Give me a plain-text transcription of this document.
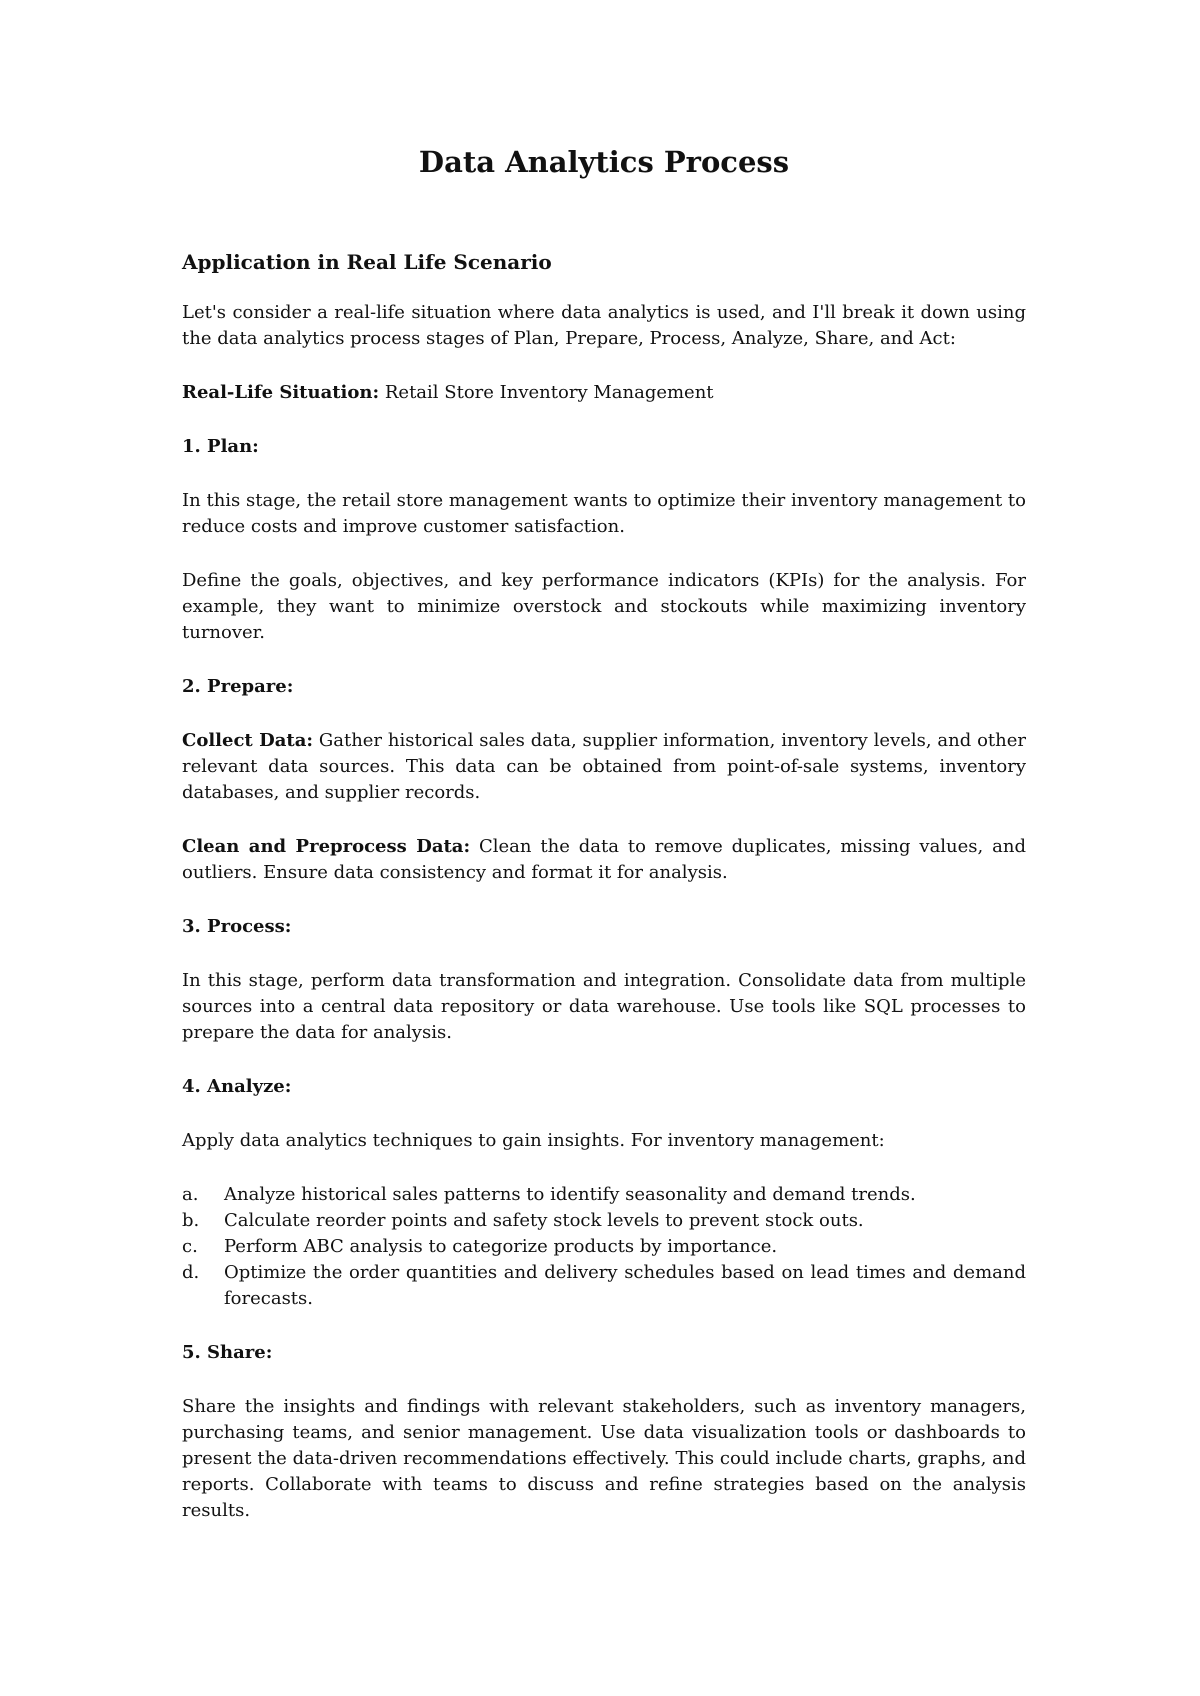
Data Analytics Process
Application in Real Life Scenario

Let's consider a real-life situation where data analytics is used, and I'll break it down using the data analytics process stages of Plan, Prepare, Process, Analyze, Share, and Act:

Real-Life Situation: Retail Store Inventory Management

1. Plan:

In this stage, the retail store management wants to optimize their inventory management to reduce costs and improve customer satisfaction.

Define the goals, objectives, and key performance indicators (KPIs) for the analysis. For example, they want to minimize overstock and stockouts while maximizing inventory turnover.

2. Prepare:

Collect Data: Gather historical sales data, supplier information, inventory levels, and other relevant data sources. This data can be obtained from point-of-sale systems, inventory databases, and supplier records.

Clean and Preprocess Data: Clean the data to remove duplicates, missing values, and outliers. Ensure data consistency and format it for analysis.

3. Process:

In this stage, perform data transformation and integration. Consolidate data from multiple sources into a central data repository or data warehouse. Use tools like SQL processes to prepare the data for analysis.

4. Analyze:

Apply data analytics techniques to gain insights. For inventory management:

a.	Analyze historical sales patterns to identify seasonality and demand trends.
b.	Calculate reorder points and safety stock levels to prevent stock outs.
c.	Perform ABC analysis to categorize products by importance.
d.	Optimize the order quantities and delivery schedules based on lead times and demand forecasts.
5. Share:

Share the insights and findings with relevant stakeholders, such as inventory managers, purchasing teams, and senior management. Use data visualization tools or dashboards to present the data-driven recommendations effectively. This could include charts, graphs, and reports. Collaborate with teams to discuss and refine strategies based on the analysis results.
